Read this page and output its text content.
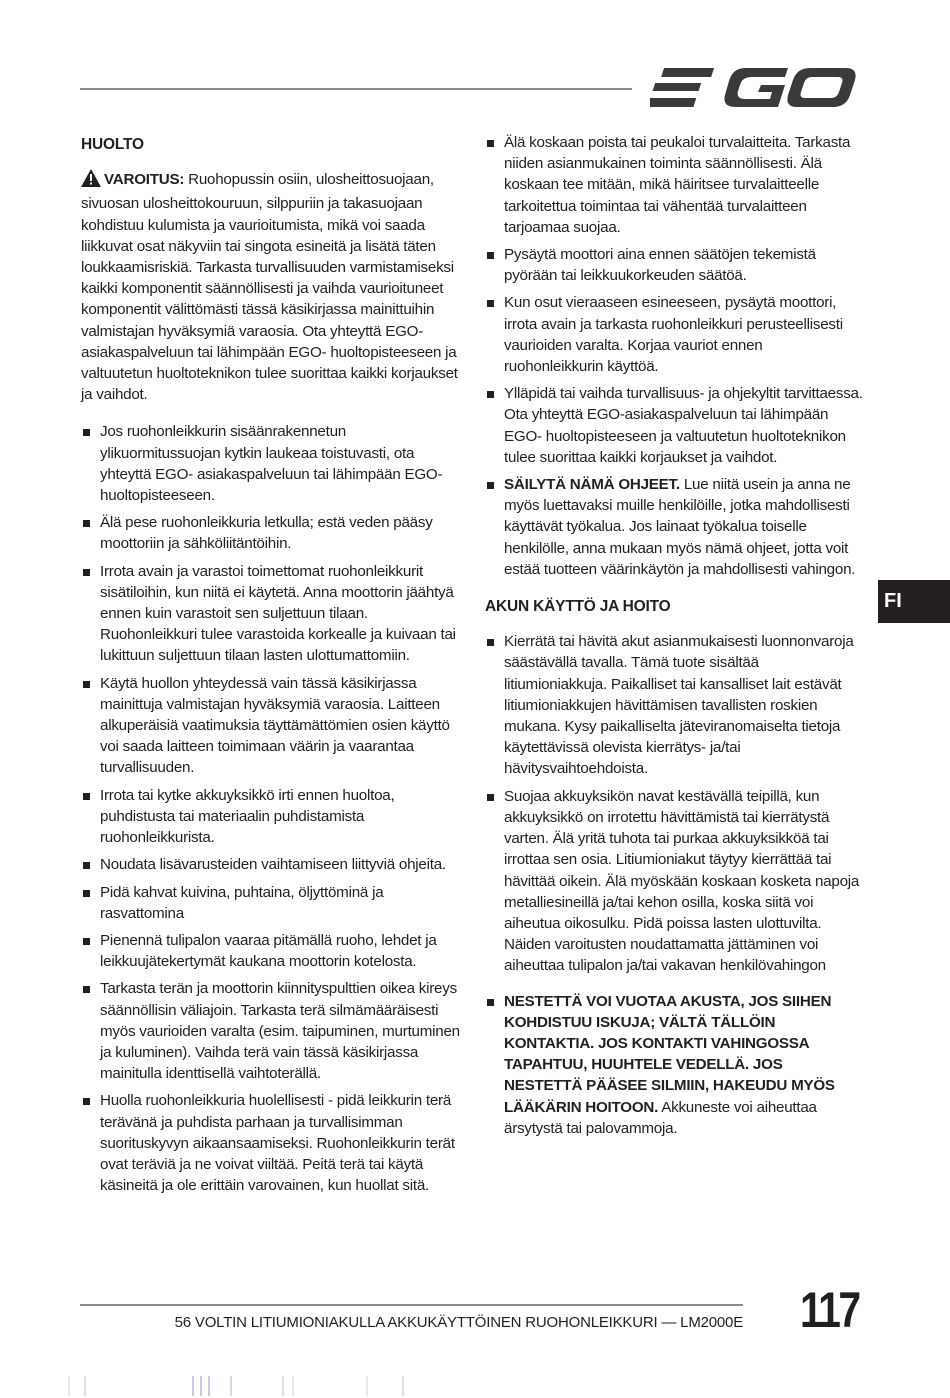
HUOLTO
VAROITUS: Ruohopussin osiin, ulosheittosuojaan, sivuosan ulosheittokouruun, silppuriin ja takasuojaan kohdistuu kulumista ja vaurioitumista, mikä voi saada liikkuvat osat näkyviin tai singota esineitä ja lisätä täten loukkaamisriskiä. Tarkasta turvallisuuden varmistamiseksi kaikki komponentit säännöllisesti ja vaihda vaurioituneet komponentit välittömästi tässä käsikirjassa mainittuihin valmistajan hyväksymiä varaosia. Ota yhteyttä EGO-asiakaspalveluun tai lähimpään EGO- huoltopisteeseen ja valtuutetun huoltoteknikon tulee suorittaa kaikki korjaukset ja vaihdot.
Jos ruohonleikkurin sisäänrakennetun ylikuormitussuojan kytkin laukeaa toistuvasti, ota yhteyttä EGO- asiakaspalveluun tai lähimpään EGO-huoltopisteeseen.
Älä pese ruohonleikkuria letkulla; estä veden pääsy moottoriin ja sähköliitäntöihin.
Irrota avain ja varastoi toimettomat ruohonleikkurit sisätiloihin, kun niitä ei käytetä. Anna moottorin jäähtyä ennen kuin varastoit sen suljettuun tilaan. Ruohonleikkuri tulee varastoida korkealle ja kuivaan tai lukittuun suljettuun tilaan lasten ulottumattomiin.
Käytä huollon yhteydessä vain tässä käsikirjassa mainittuja valmistajan hyväksymiä varaosia. Laitteen alkuperäisiä vaatimuksia täyttämättömien osien käyttö voi saada laitteen toimimaan väärin ja vaarantaa turvallisuuden.
Irrota tai kytke akkuyksikkö irti ennen huoltoa, puhdistusta tai materiaalin puhdistamista ruohonleikkurista.
Noudata lisävarusteiden vaihtamiseen liittyviä ohjeita.
Pidä kahvat kuivina, puhtaina, öljyttöminä ja rasvattomina
Pienennä tulipalon vaaraa pitämällä ruoho, lehdet ja leikkuujätekertymät kaukana moottorin kotelosta.
Tarkasta terän ja moottorin kiinnityspulttien oikea kireys säännöllisin väliajoin. Tarkasta terä silmämääräisesti myös vaurioiden varalta (esim. taipuminen, murtuminen ja kuluminen). Vaihda terä vain tässä käsikirjassa mainitulla identtisellä vaihtoterällä.
Huolla ruohonleikkuria huolellisesti - pidä leikkurin terä terävänä ja puhdista parhaan ja turvallisimman suorituskyvyn aikaansaamiseksi. Ruohonleikkurin terät ovat teräviä ja ne voivat viiltää. Peitä terä tai käytä käsineitä ja ole erittäin varovainen, kun huollat sitä.
Älä koskaan poista tai peukaloi turvalaitteita. Tarkasta niiden asianmukainen toiminta säännöllisesti. Älä koskaan tee mitään, mikä häiritsee turvalaitteelle tarkoitettua toimintaa tai vähentää turvalaitteen tarjoamaa suojaa.
Pysäytä moottori aina ennen säätöjen tekemistä pyörään tai leikkuukorkeuden säätöä.
Kun osut vieraaseen esineeseen, pysäytä moottori, irrota avain ja tarkasta ruohonleikkuri perusteellisesti vaurioiden varalta. Korjaa vauriot ennen ruohonleikkurin käyttöä.
Ylläpidä tai vaihda turvallisuus- ja ohjekyltit tarvittaessa. Ota yhteyttä EGO-asiakaspalveluun tai lähimpään EGO- huoltopisteeseen ja valtuutetun huoltoteknikon tulee suorittaa kaikki korjaukset ja vaihdot.
SÄILYTÄ NÄMÄ OHJEET. Lue niitä usein ja anna ne myös luettavaksi muille henkilöille, jotka mahdollisesti käyttävät työkalua. Jos lainaat työkalua toiselle henkilölle, anna mukaan myös nämä ohjeet, jotta voit estää tuotteen väärinkäytön ja mahdollisesti vahingon.
AKUN KÄYTTÖ JA HOITO
Kierrätä tai hävitä akut asianmukaisesti luonnonvaroja säästävällä tavalla. Tämä tuote sisältää litiumioniakkuja. Paikalliset tai kansalliset lait estävät litiumioniakkujen hävittämisen tavallisten roskien mukana. Kysy paikalliselta jäteviranomaiselta tietoja käytettävissä olevista kierrätys- ja/tai hävitysvaihtoehdoista.
Suojaa akkuyksikön navat kestävällä teipillä, kun akkuyksikkö on irrotettu hävittämistä tai kierrätystä varten. Älä yritä tuhota tai purkaa akkuyksikköä tai irrottaa sen osia. Litiumioniakut täytyy kierrättää tai hävittää oikein. Älä myöskään koskaan kosketa napoja metalliesineillä ja/tai kehon osilla, koska siitä voi aiheutua oikosulku. Pidä poissa lasten ulottuvilta. Näiden varoitusten noudattamatta jättäminen voi aiheuttaa tulipalon ja/tai vakavan henkilövahingon
NESTETTÄ VOI VUOTAA AKUSTA, JOS SIIHEN KOHDISTUU ISKUJA; VÄLTÄ TÄLLÖIN KONTAKTIA. JOS KONTAKTI VAHINGOSSA TAPAHTUU, HUUHTELE VEDELLÄ. JOS NESTETTÄ PÄÄSEE SILMIIN, HAKEUDU MYÖS LÄÄKÄRIN HOITOON. Akkuneste voi aiheuttaa ärsytystä tai palovammoja.
FI
56 VOLTIN LITIUMIONIAKULLA AKKUKÄYTTÖINEN RUOHONLEIKKURI — LM2000E 117
